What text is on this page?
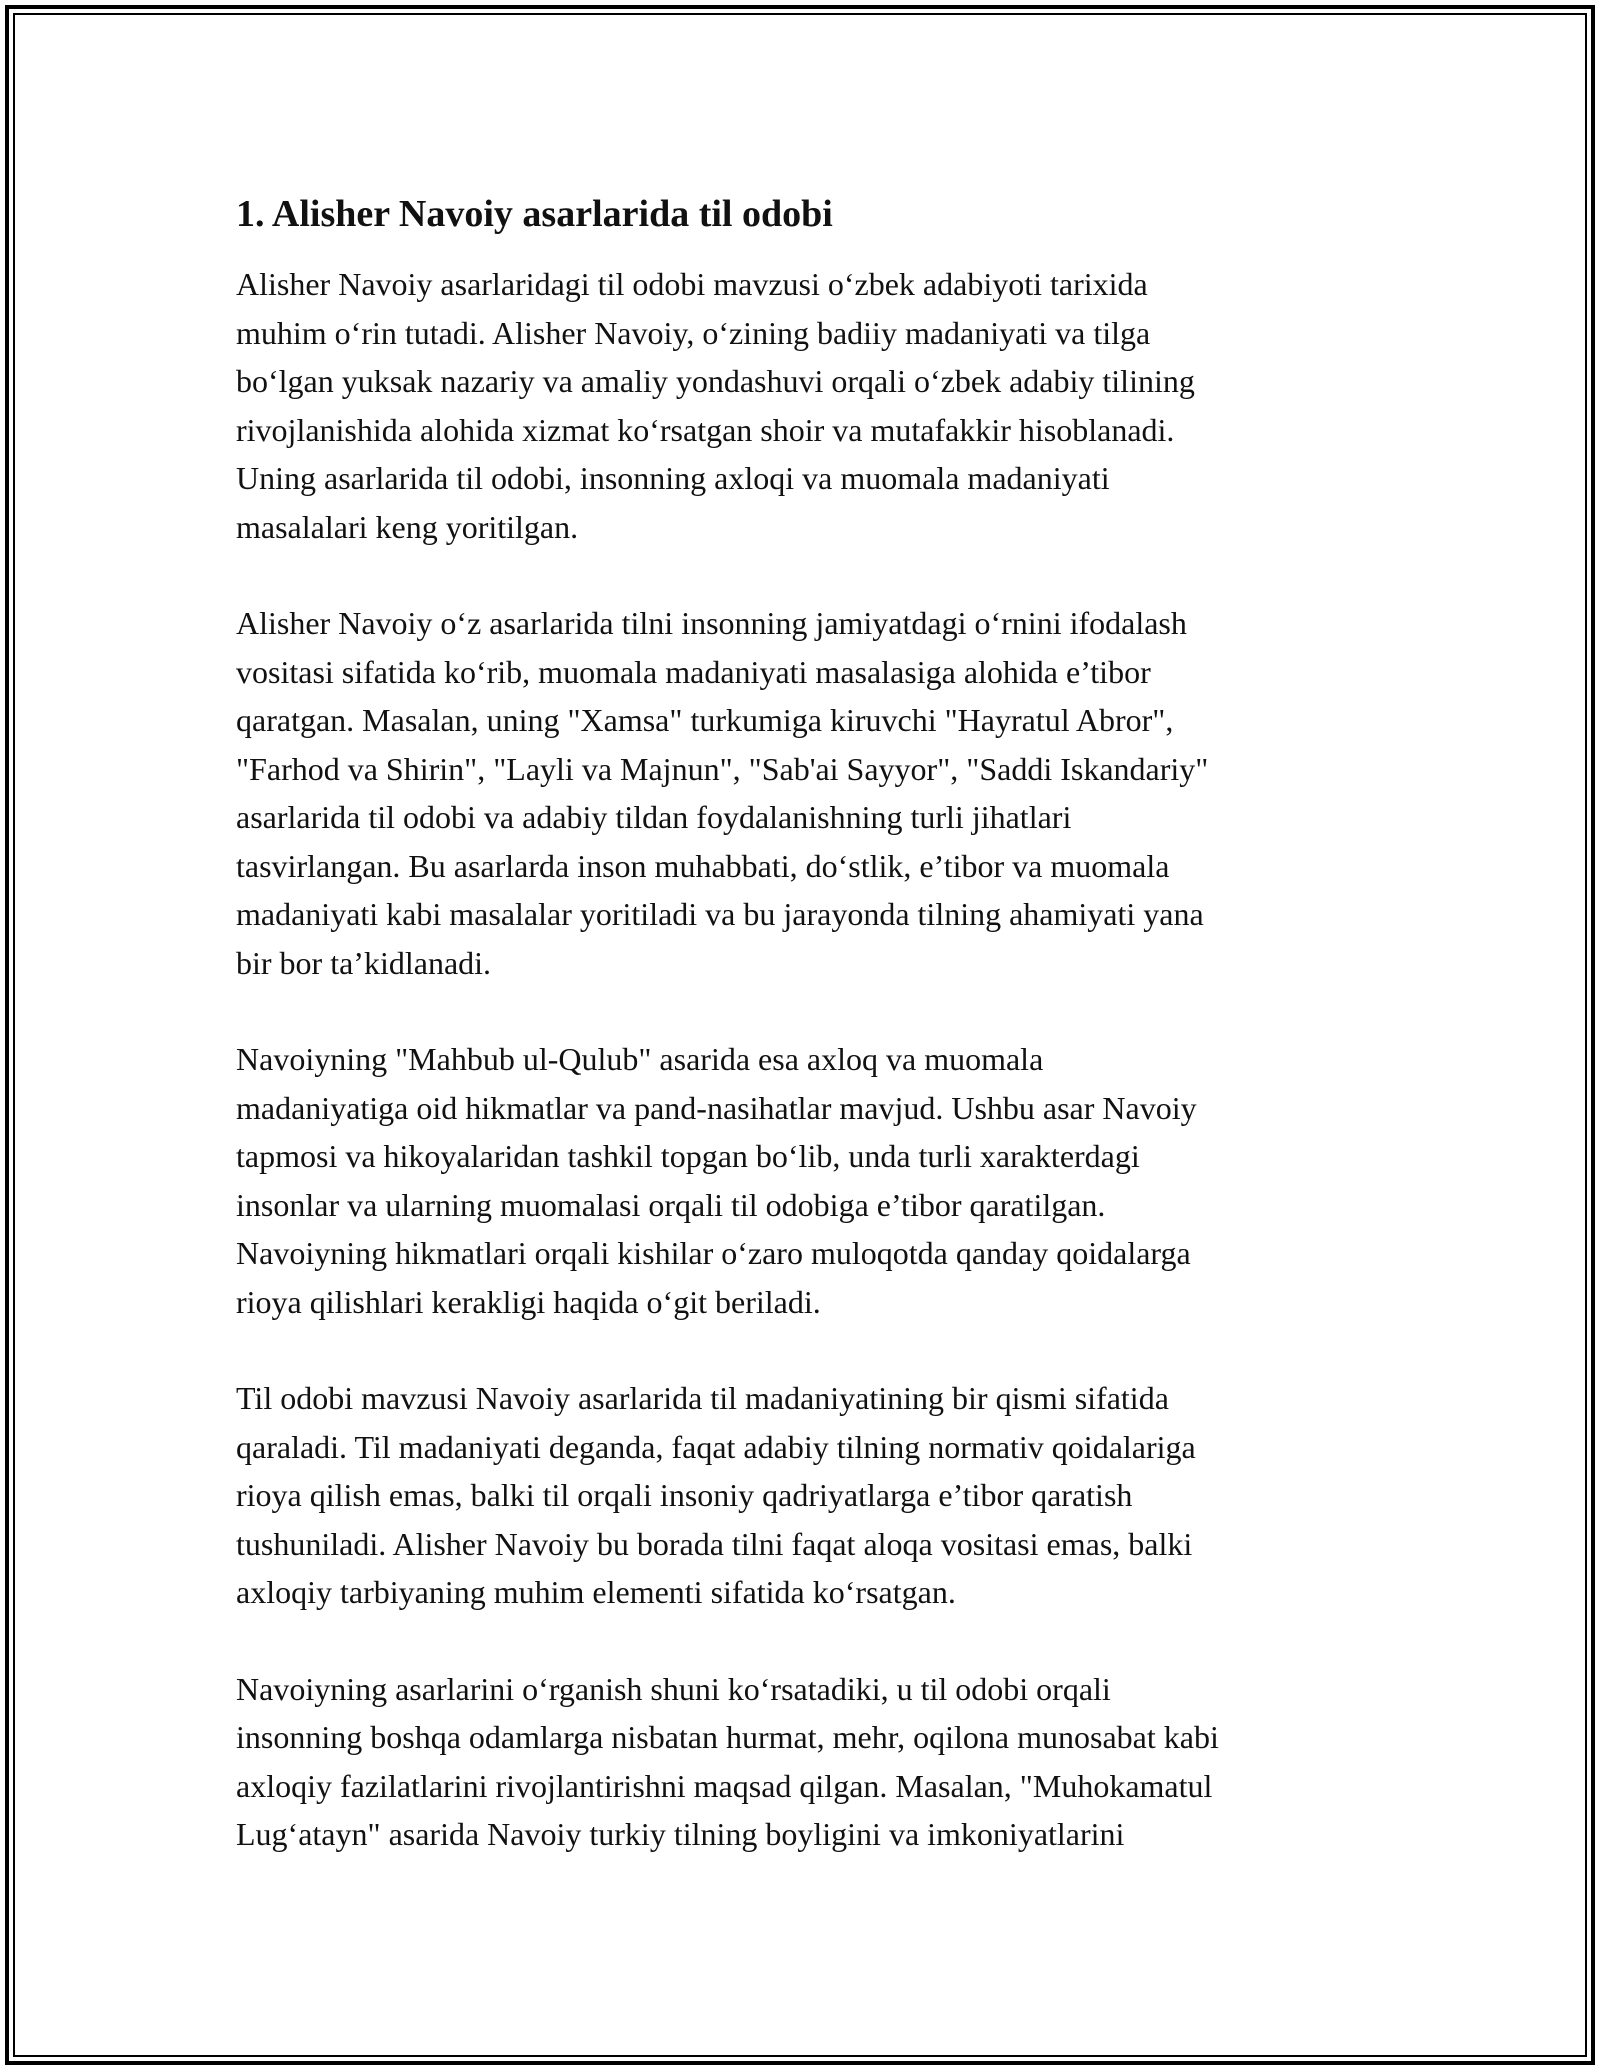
1. Alisher Navoiy asarlarida til odobi

Alisher Navoiy asarlaridagi til odobi mavzusi o‘zbek adabiyoti tarixida
muhim o‘rin tutadi. Alisher Navoiy, o‘zining badiiy madaniyati va tilga
bo‘lgan yuksak nazariy va amaliy yondashuvi orqali o‘zbek adabiy tilining
rivojlanishida alohida xizmat ko‘rsatgan shoir va mutafakkir hisoblanadi.
Uning asarlarida til odobi, insonning axloqi va muomala madaniyati
masalalari keng yoritilgan.

Alisher Navoiy o‘z asarlarida tilni insonning jamiyatdagi o‘rnini ifodalash
vositasi sifatida ko‘rib, muomala madaniyati masalasiga alohida e’tibor
qaratgan. Masalan, uning "Xamsa" turkumiga kiruvchi "Hayratul Abror",
"Farhod va Shirin", "Layli va Majnun", "Sab'ai Sayyor", "Saddi Iskandariy"
asarlarida til odobi va adabiy tildan foydalanishning turli jihatlari
tasvirlangan. Bu asarlarda inson muhabbati, do‘stlik, e’tibor va muomala
madaniyati kabi masalalar yoritiladi va bu jarayonda tilning ahamiyati yana
bir bor ta’kidlanadi.

Navoiyning "Mahbub ul-Qulub" asarida esa axloq va muomala
madaniyatiga oid hikmatlar va pand-nasihatlar mavjud. Ushbu asar Navoiy
tapmosi va hikoyalaridan tashkil topgan bo‘lib, unda turli xarakterdagi
insonlar va ularning muomalasi orqali til odobiga e’tibor qaratilgan.
Navoiyning hikmatlari orqali kishilar o‘zaro muloqotda qanday qoidalarga
rioya qilishlari kerakligi haqida o‘git beriladi.

Til odobi mavzusi Navoiy asarlarida til madaniyatining bir qismi sifatida
qaraladi. Til madaniyati deganda, faqat adabiy tilning normativ qoidalariga
rioya qilish emas, balki til orqali insoniy qadriyatlarga e’tibor qaratish
tushuniladi. Alisher Navoiy bu borada tilni faqat aloqa vositasi emas, balki
axloqiy tarbiyaning muhim elementi sifatida ko‘rsatgan.

Navoiyning asarlarini o‘rganish shuni ko‘rsatadiki, u til odobi orqali
insonning boshqa odamlarga nisbatan hurmat, mehr, oqilona munosabat kabi
axloqiy fazilatlarini rivojlantirishni maqsad qilgan. Masalan, "Muhokamatul
Lug‘atayn" asarida Navoiy turkiy tilning boyligini va imkoniyatlarini
